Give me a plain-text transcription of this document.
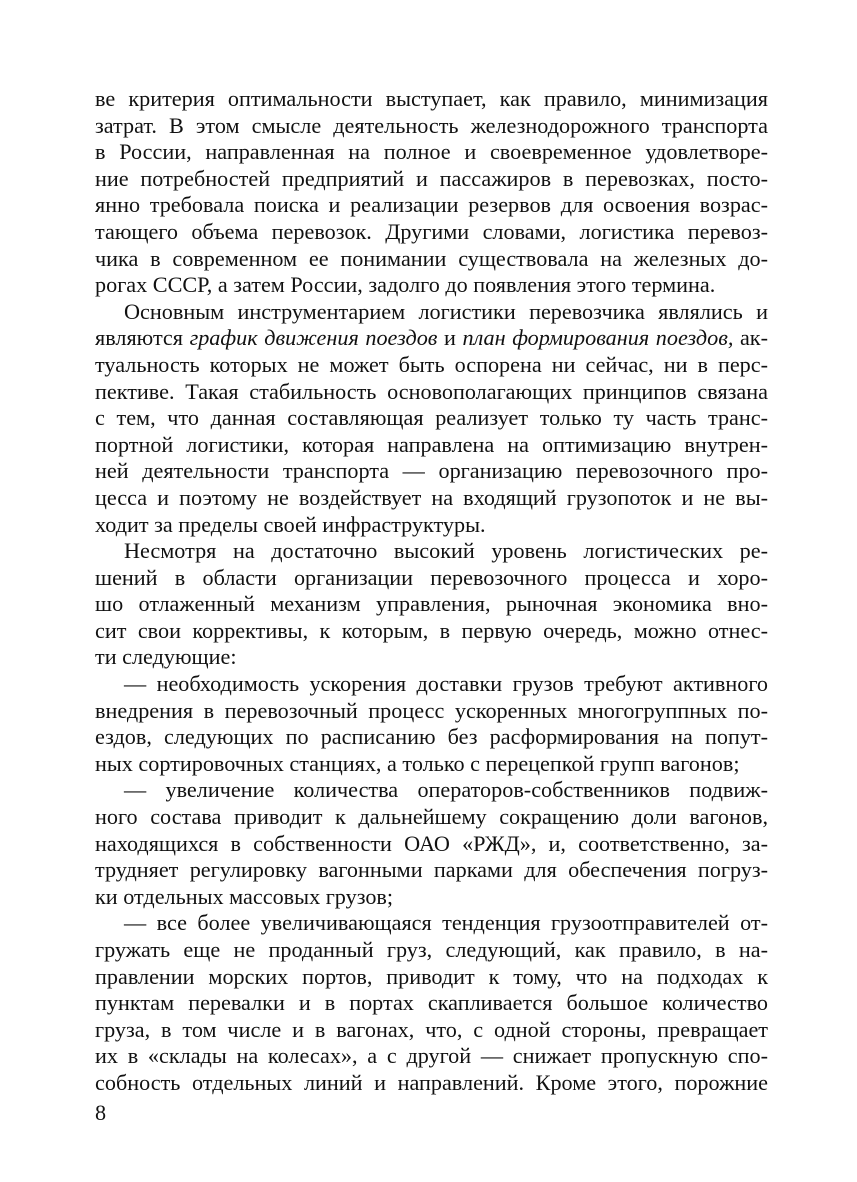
ве критерия оптимальности выступает, как правило, минимизация
затрат. В этом смысле деятельность железнодорожного транспорта
в России, направленная на полное и своевременное удовлетворе-
ние потребностей предприятий и пассажиров в перевозках, посто-
янно требовала поиска и реализации резервов для освоения возрас-
тающего объема перевозок. Другими словами, логистика перевоз-
чика в современном ее понимании существовала на железных до-
рогах СССР, а затем России, задолго до появления этого термина.
Основным инструментарием логистики перевозчика являлись и
являются график движения поездов и план формирования поездов, ак-
туальность которых не может быть оспорена ни сейчас, ни в перс-
пективе. Такая стабильность основополагающих принципов связана
с тем, что данная составляющая реализует только ту часть транс-
портной логистики, которая направлена на оптимизацию внутрен-
ней деятельности транспорта — организацию перевозочного про-
цесса и поэтому не воздействует на входящий грузопоток и не вы-
ходит за пределы своей инфраструктуры.
Несмотря на достаточно высокий уровень логистических ре-
шений в области организации перевозочного процесса и хоро-
шо отлаженный механизм управления, рыночная экономика вно-
сит свои коррективы, к которым, в первую очередь, можно отнес-
ти следующие:
— необходимость ускорения доставки грузов требуют активного
внедрения в перевозочный процесс ускоренных многогруппных по-
ездов, следующих по расписанию без расформирования на попут-
ных сортировочных станциях, а только с перецепкой групп вагонов;
— увеличение количества операторов-собственников подвиж-
ного состава приводит к дальнейшему сокращению доли вагонов,
находящихся в собственности ОАО «РЖД», и, соответственно, за-
трудняет регулировку вагонными парками для обеспечения погруз-
ки отдельных массовых грузов;
— все более увеличивающаяся тенденция грузоотправителей от-
гружать еще не проданный груз, следующий, как правило, в на-
правлении морских портов, приводит к тому, что на подходах к
пунктам перевалки и в портах скапливается большое количество
груза, в том числе и в вагонах, что, с одной стороны, превращает
их в «склады на колесах», а с другой — снижает пропускную спо-
собность отдельных линий и направлений. Кроме этого, порожние
8
